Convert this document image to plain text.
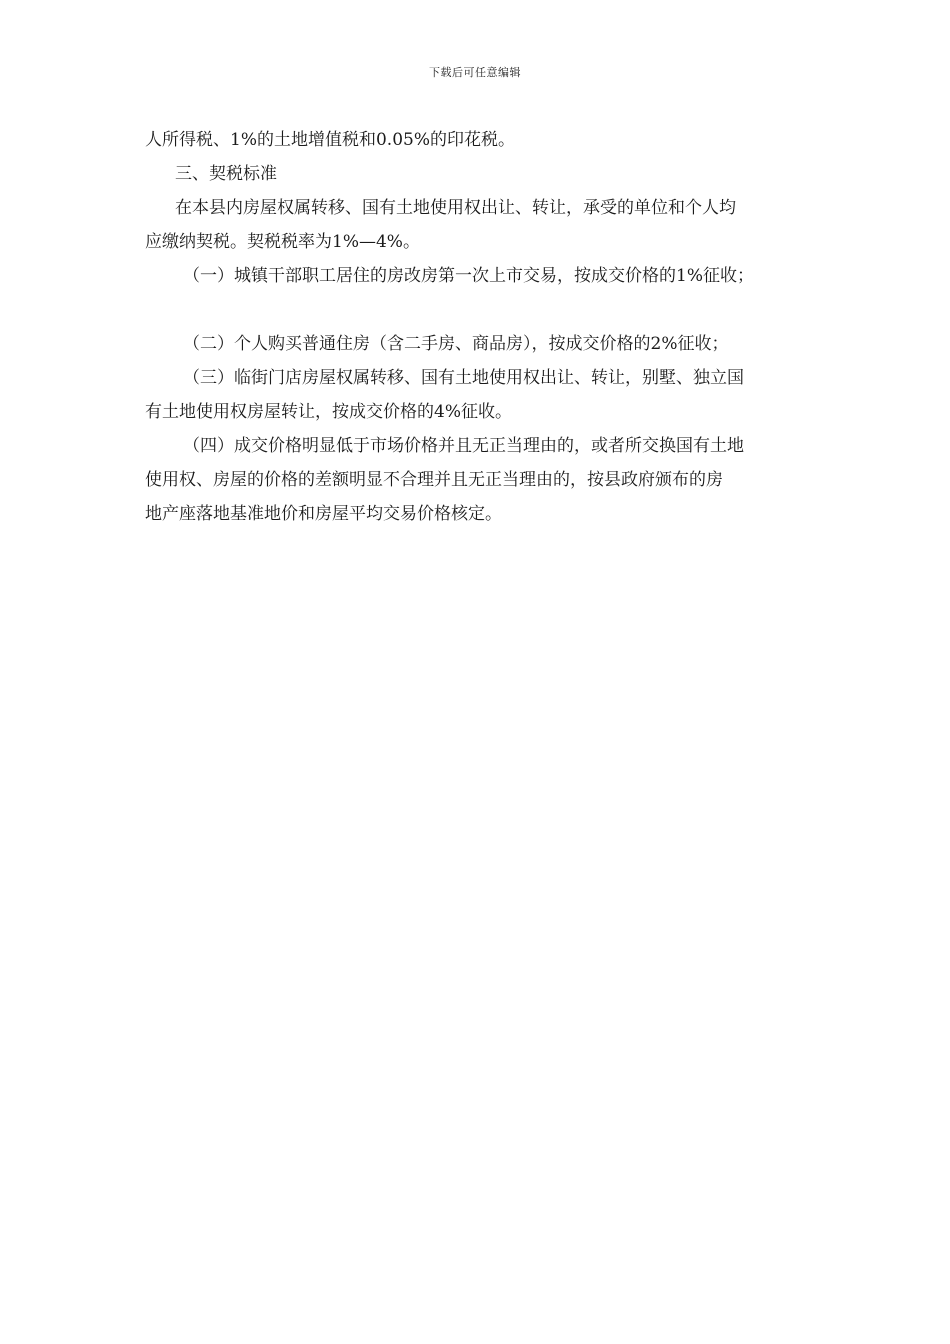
下载后可任意编辑

人所得税、1%的土地增值税和0.05%的印花税。

三、契税标准

在本县内房屋权属转移、国有土地使用权出让、转让，承受的单位和个人均

应缴纳契税。契税税率为1%—4%。

（一）城镇干部职工居住的房改房第一次上市交易，按成交价格的1%征收；

（二）个人购买普通住房（含二手房、商品房），按成交价格的2%征收；

（三）临街门店房屋权属转移、国有土地使用权出让、转让，别墅、独立国

有土地使用权房屋转让，按成交价格的4%征收。

（四）成交价格明显低于市场价格并且无正当理由的，或者所交换国有土地

使用权、房屋的价格的差额明显不合理并且无正当理由的，按县政府颁布的房

地产座落地基准地价和房屋平均交易价格核定。
